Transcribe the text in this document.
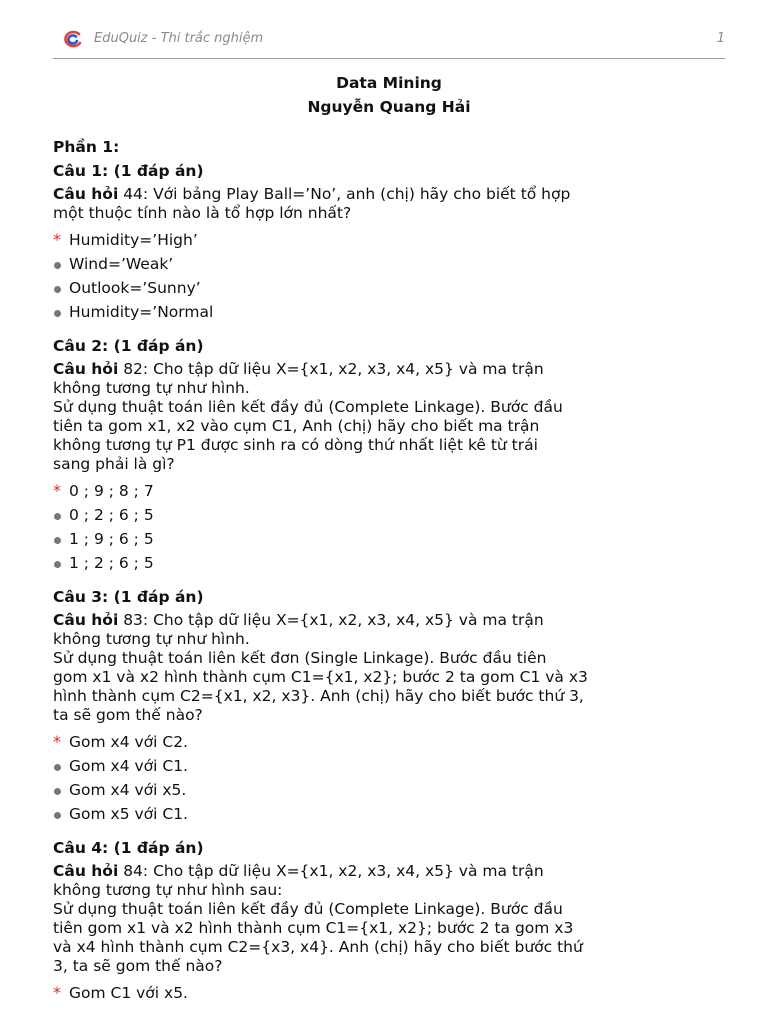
EduQuiz - Thi trắc nghiệm	1
Data Mining
Nguyễn Quang Hải
Phần 1:
Câu 1: (1 đáp án)
Câu hỏi 44: Với bảng Play Ball=’No’, anh (chị) hãy cho biết tổ hợp
một thuộc tính nào là tổ hợp lớn nhất?
* Humidity=’High’
Wind=’Weak’
Outlook=’Sunny’
Humidity=’Normal
Câu 2: (1 đáp án)
Câu hỏi 82: Cho tập dữ liệu X={x1, x2, x3, x4, x5} và ma trận
không tương tự như hình.
Sử dụng thuật toán liên kết đầy đủ (Complete Linkage). Bước đầu
tiên ta gom x1, x2 vào cụm C1, Anh (chị) hãy cho biết ma trận
không tương tự P1 được sinh ra có dòng thứ nhất liệt kê từ trái
sang phải là gì?
* 0 ; 9 ; 8 ; 7
0 ; 2 ; 6 ; 5
1 ; 9 ; 6 ; 5
1 ; 2 ; 6 ; 5
Câu 3: (1 đáp án)
Câu hỏi 83: Cho tập dữ liệu X={x1, x2, x3, x4, x5} và ma trận
không tương tự như hình.
Sử dụng thuật toán liên kết đơn (Single Linkage). Bước đầu tiên
gom x1 và x2 hình thành cụm C1={x1, x2}; bước 2 ta gom C1 và x3
hình thành cụm C2={x1, x2, x3}. Anh (chị) hãy cho biết bước thứ 3,
ta sẽ gom thế nào?
* Gom x4 với C2.
Gom x4 với C1.
Gom x4 với x5.
Gom x5 với C1.
Câu 4: (1 đáp án)
Câu hỏi 84: Cho tập dữ liệu X={x1, x2, x3, x4, x5} và ma trận
không tương tự như hình sau:
Sử dụng thuật toán liên kết đầy đủ (Complete Linkage). Bước đầu
tiên gom x1 và x2 hình thành cụm C1={x1, x2}; bước 2 ta gom x3
và x4 hình thành cụm C2={x3, x4}. Anh (chị) hãy cho biết bước thứ
3, ta sẽ gom thế nào?
* Gom C1 với x5.
